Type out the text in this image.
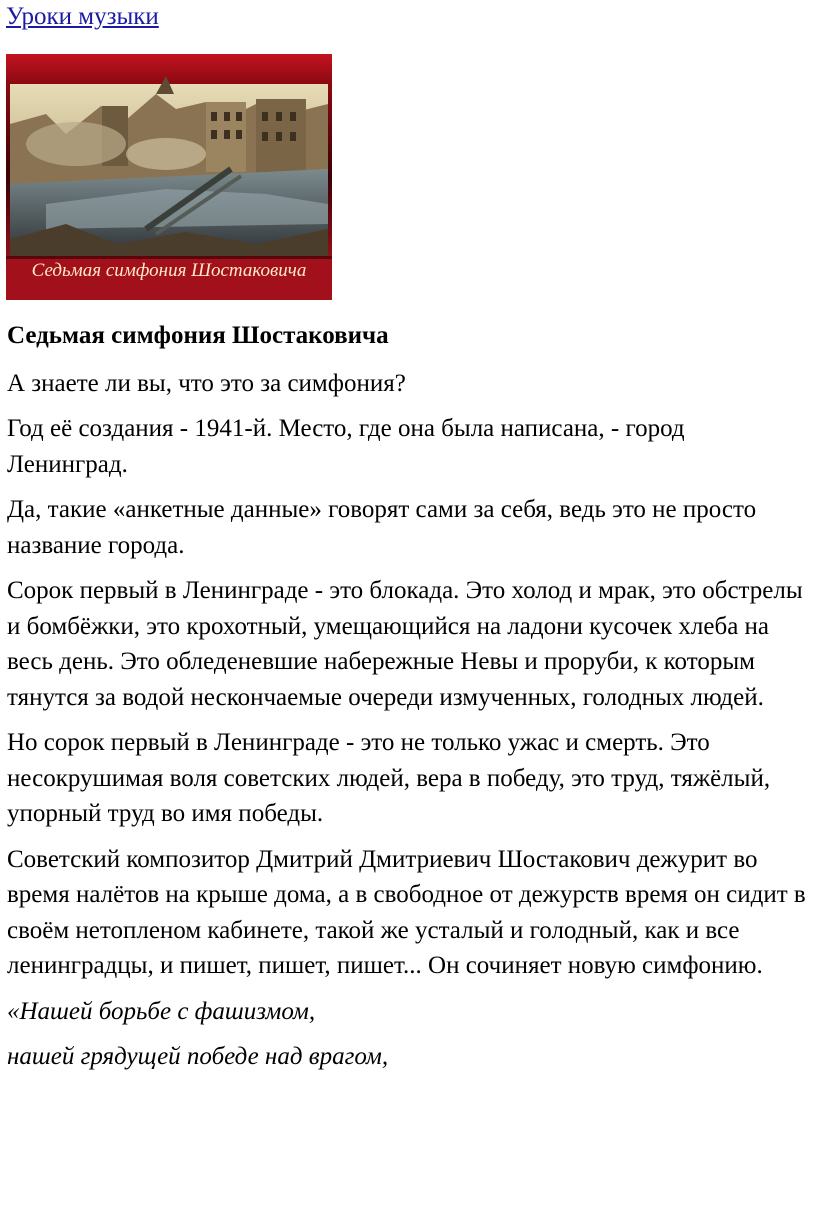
Уроки музыки
Седьмая симфония Шостаковича

Седьмая симфония Шостаковича

А знаете ли вы, что это за симфония?

Год её создания - 1941-й. Место, где она была написана, - город Ленинград.

Да, такие «анкетные данные» говорят сами за себя, ведь это не просто название города.

Сорок первый в Ленинграде - это блокада. Это холод и мрак, это обстрелы и бомбёжки, это крохотный, умещающийся на ладони кусочек хлеба на весь день. Это обледеневшие набережные Невы и проруби, к которым тянутся за водой нескончаемые очереди измученных, голодных людей.

Но сорок первый в Ленинграде - это не только ужас и смерть. Это несокрушимая воля советских людей, вера в победу, это труд, тяжёлый, упорный труд во имя победы.

Советский композитор Дмитрий Дмитриевич Шостакович дежурит во время налётов на крыше дома, а в свободное от дежурств время он сидит в своём нетопленом кабинете, такой же усталый и голодный, как и все ленинградцы, и пишет, пишет, пишет... Он сочиняет новую симфонию.

«Нашей борьбе с фашизмом,

нашей грядущей победе над врагом,
